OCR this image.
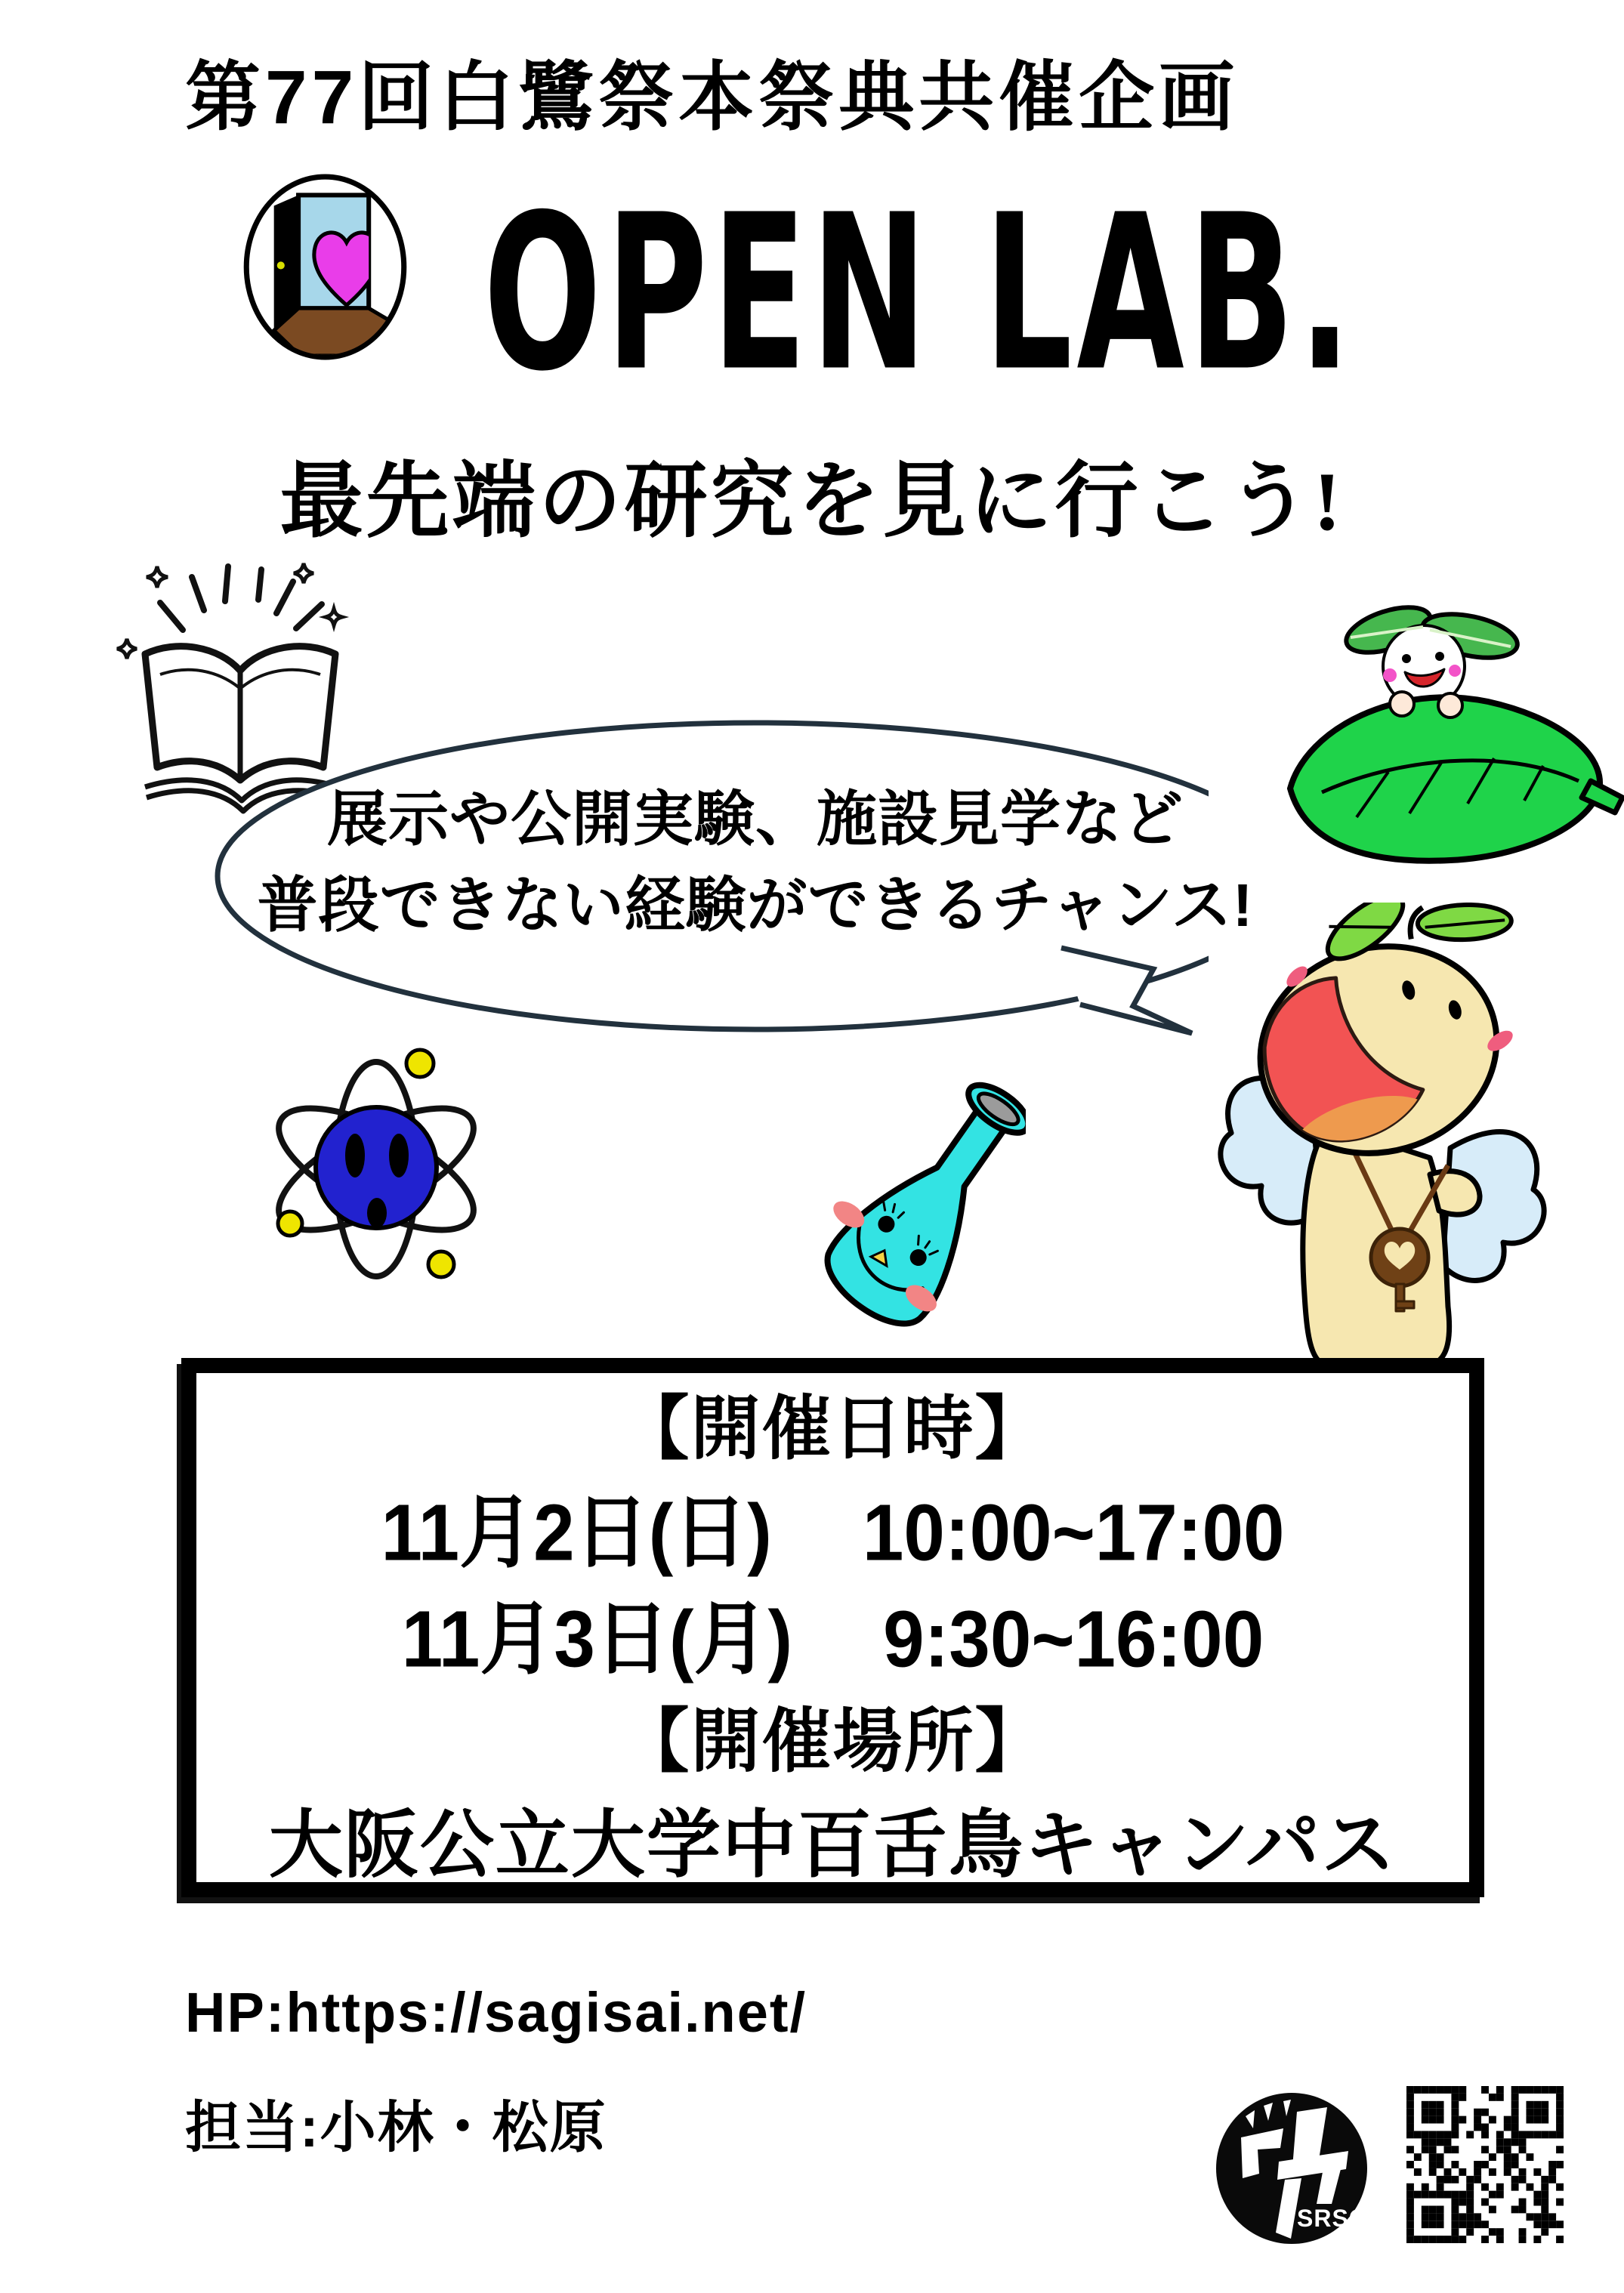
第77回白鷺祭本祭典共催企画
OPEN LAB.
最先端の研究を見に行こう!
展示や公開実験、施設見学など
普段できない経験ができるチャンス!
【開催日時】
11月2日(日) 10:00~17:00
11月3日(月) 9:30~16:00
【開催場所】
大阪公立大学中百舌鳥キャンパス
HP:https://sagisai.net/
担当:小林・松原
SRSG
